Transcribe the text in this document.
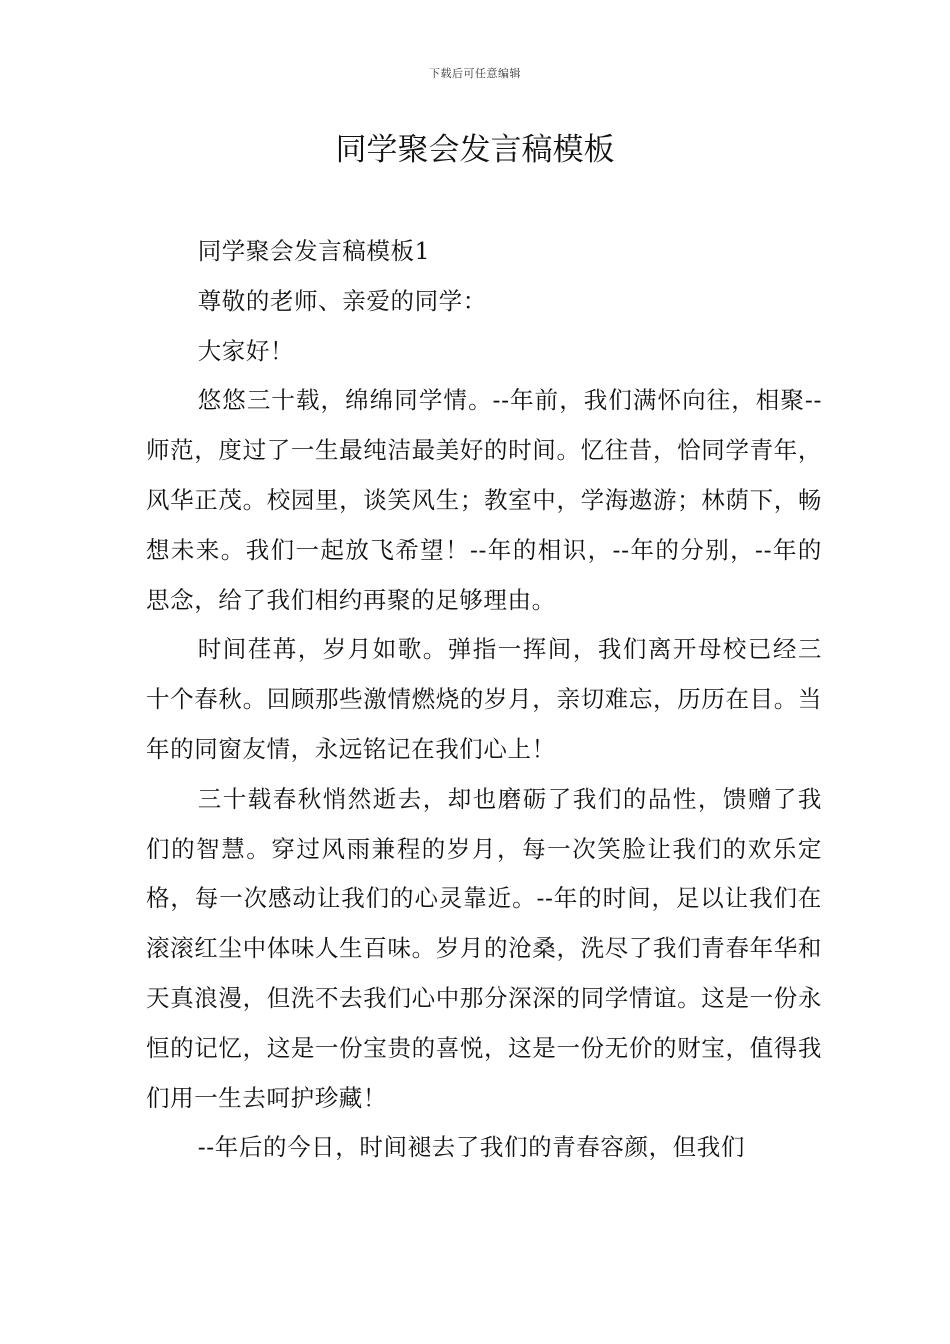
下载后可任意编辑
同学聚会发言稿模板

同学聚会发言稿模板1

尊敬的老师、亲爱的同学：

大家好！

悠悠三十载，绵绵同学情。--年前，我们满怀向往，相聚--师范，度过了一生最纯洁最美好的时间。忆往昔，恰同学青年，风华正茂。校园里，谈笑风生；教室中，学海遨游；林荫下，畅想未来。我们一起放飞希望！--年的相识，--年的分别，--年的思念，给了我们相约再聚的足够理由。

时间荏苒，岁月如歌。弹指一挥间，我们离开母校已经三十个春秋。回顾那些激情燃烧的岁月，亲切难忘，历历在目。当年的同窗友情，永远铭记在我们心上！

三十载春秋悄然逝去，却也磨砺了我们的品性，馈赠了我们的智慧。穿过风雨兼程的岁月，每一次笑脸让我们的欢乐定格，每一次感动让我们的心灵靠近。--年的时间，足以让我们在滚滚红尘中体味人生百味。岁月的沧桑，洗尽了我们青春年华和天真浪漫，但洗不去我们心中那分深深的同学情谊。这是一份永恒的记忆，这是一份宝贵的喜悦，这是一份无价的财宝，值得我们用一生去呵护珍藏！

--年后的今日，时间褪去了我们的青春容颜，但我们
